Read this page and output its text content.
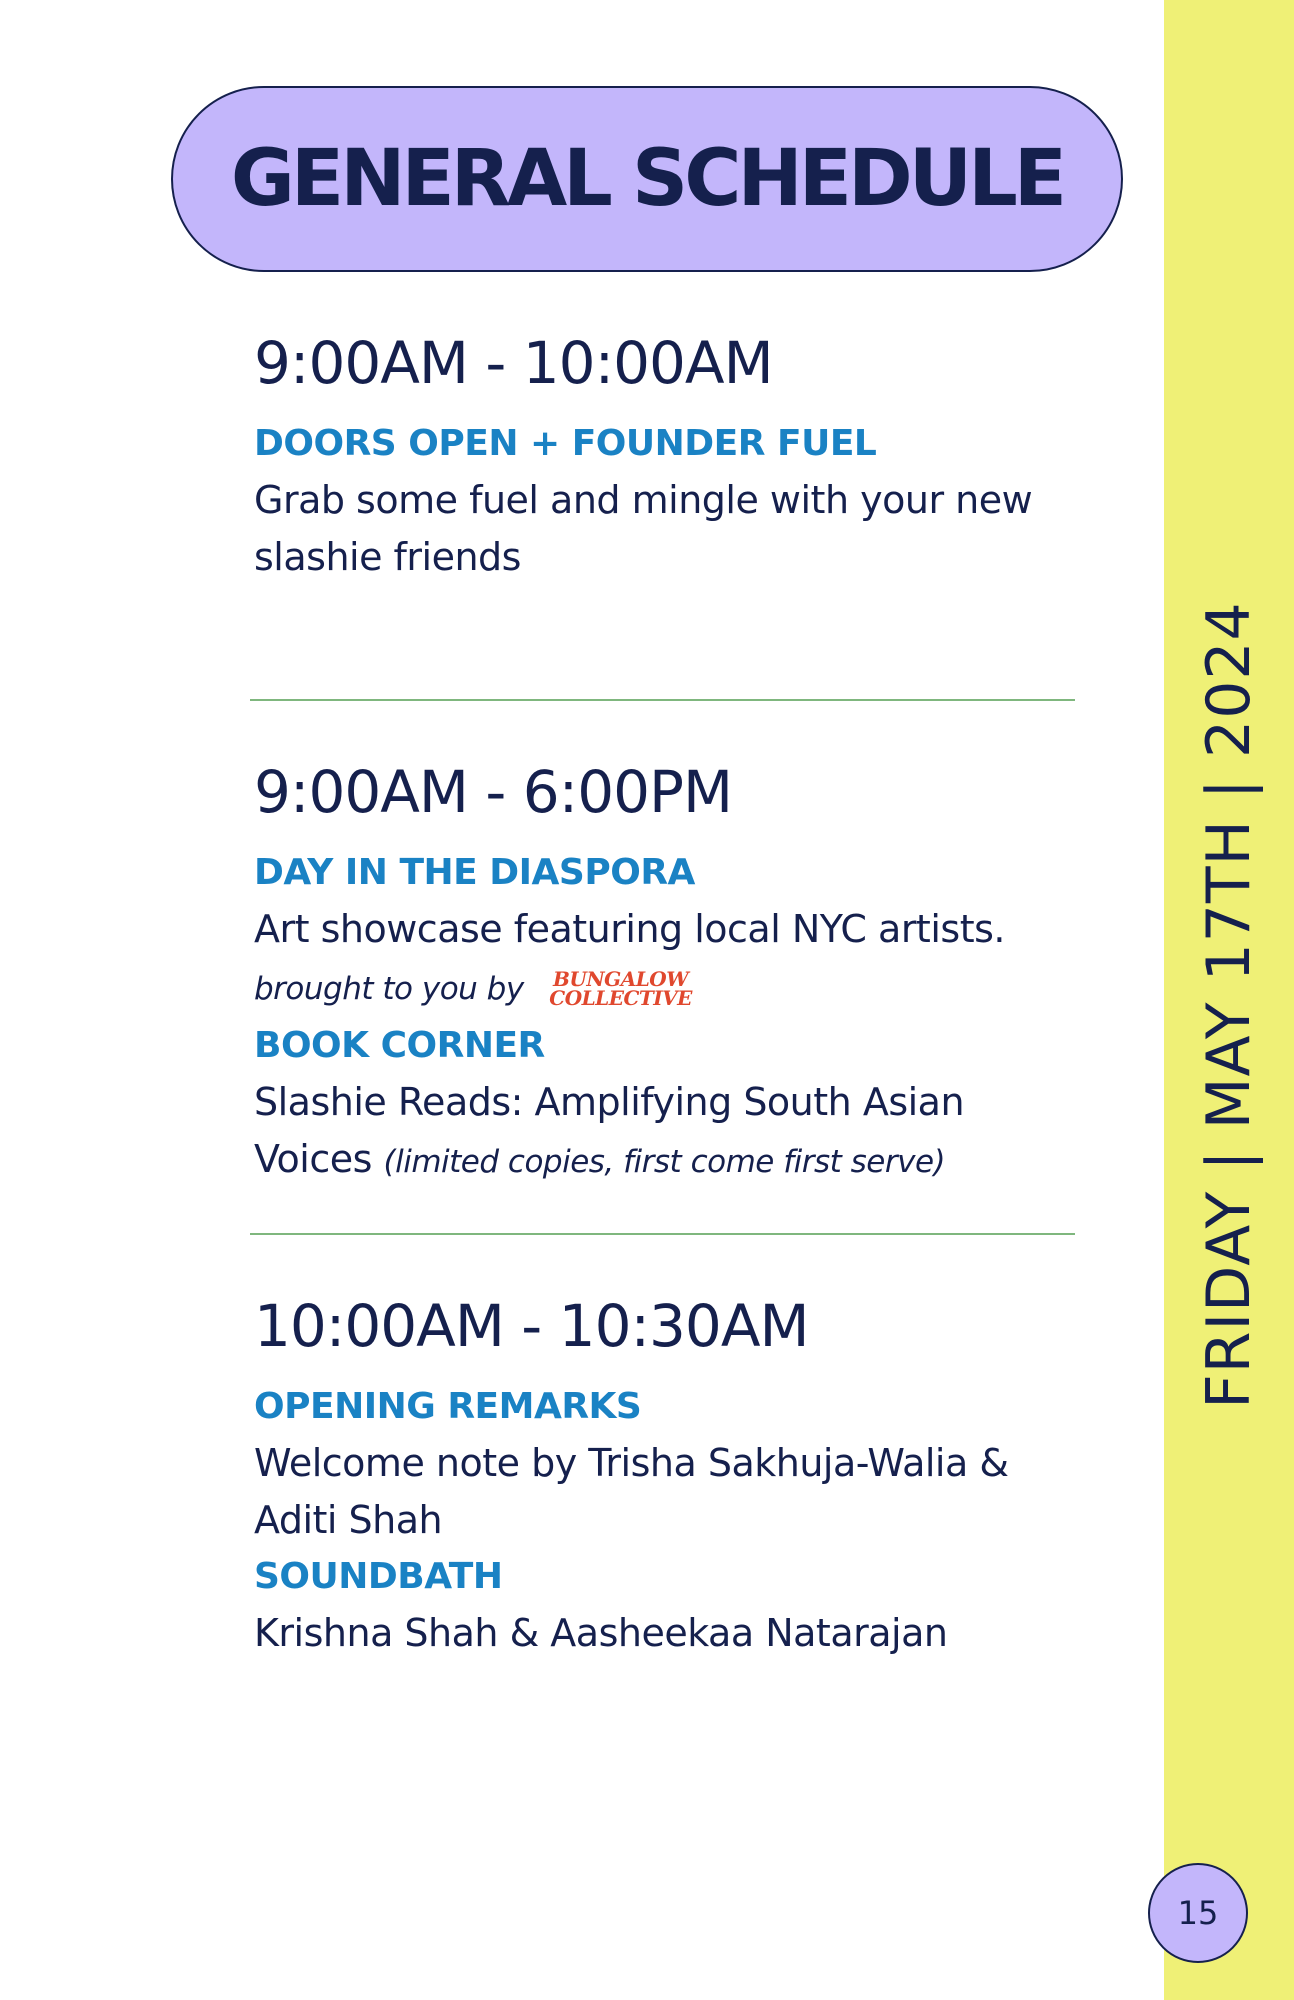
FRIDAY | MAY 17TH | 2024
15
GENERAL SCHEDULE
9:00AM - 10:00AM
DOORS OPEN + FOUNDER FUEL
Grab some fuel and mingle with your new slashie friends
9:00AM - 6:00PM
DAY IN THE DIASPORA
Art showcase featuring local NYC artists. brought to you by BUNGALOW
COLLECTIVE
BOOK CORNER
Slashie Reads: Amplifying South Asian Voices (limited copies, first come first serve)
10:00AM - 10:30AM
OPENING REMARKS
Welcome note by Trisha Sakhuja-Walia & Aditi Shah
SOUNDBATH
Krishna Shah & Aasheekaa Natarajan
